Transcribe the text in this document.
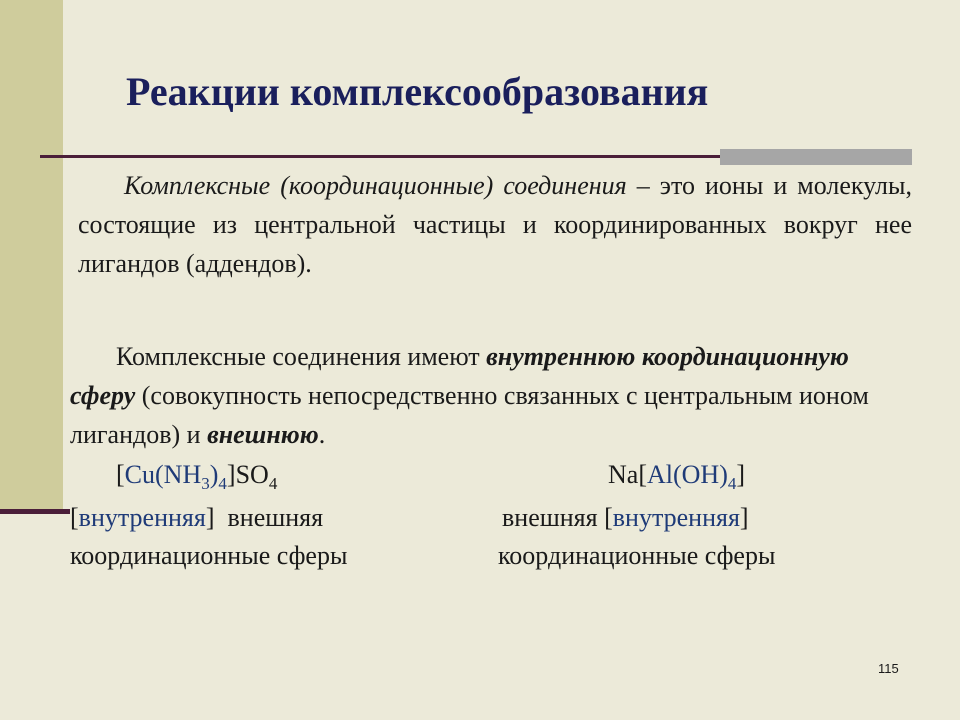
Реакции комплексообразования
Комплексные (координационные) соединения – это ионы и молекулы, состоящие из центральной частицы и координированных вокруг нее лигандов (аддендов).
Комплексные соединения имеют внутреннюю координационную сферу (совокупность непосредственно связанных с центральным ионом лигандов) и внешнюю.
$[Cu(NH_3)_4]SO_4$	$Na[Al(OH)_4]$
[внутренняя]  внешняя
координационные сферы
внешняя [внутренняя]
координационные сферы
115
